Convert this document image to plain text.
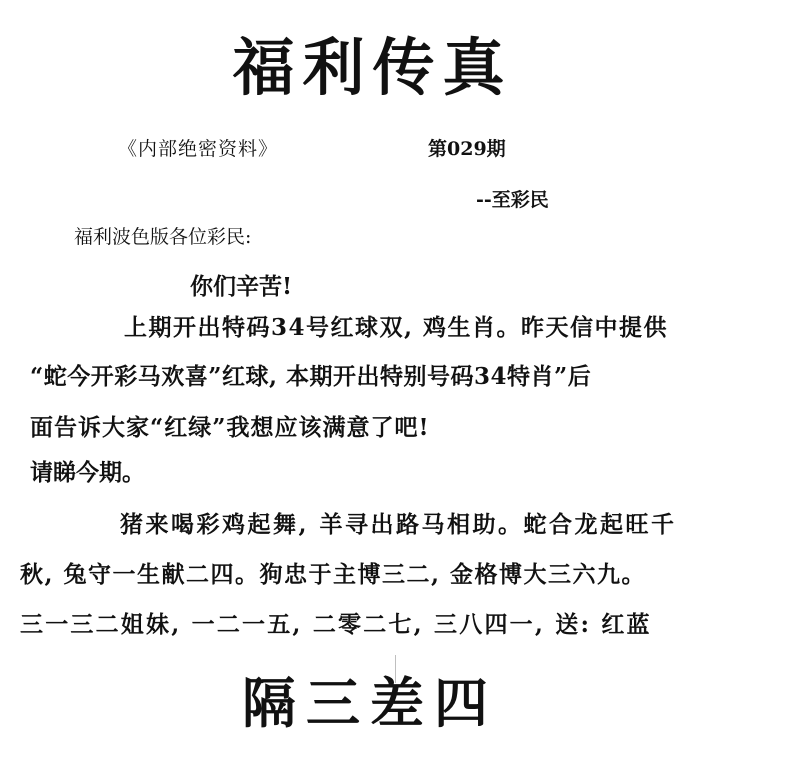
福利传真
《内部绝密资料》	第029期
--至彩民
福利波色版各位彩民:
你们辛苦!
上期开出特码34号红球双, 鸡生肖。昨天信中提供
“蛇今开彩马欢喜”红球, 本期开出特别号码34特肖”后
面告诉大家“红绿”我想应该满意了吧!
请睇今期。
猪来喝彩鸡起舞, 羊寻出路马相助。蛇合龙起旺千
秋, 兔守一生献二四。狗忠于主博三二, 金格博大三六九。
三一三二姐妹, 一二一五, 二零二七, 三八四一, 送: 红蓝
隔三差四
